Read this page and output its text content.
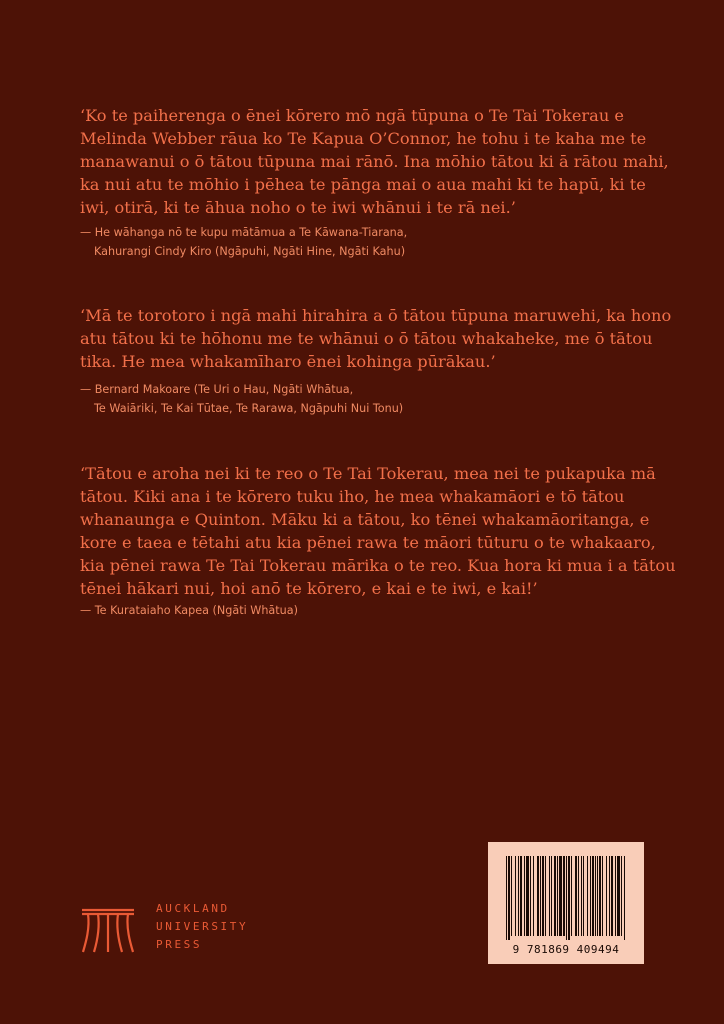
‘Ko te paiherenga o ēnei kōrero mō ngā tūpuna o Te Tai Tokerau e Melinda Webber rāua ko Te Kapua O’Connor, he tohu i te kaha me te manawanui o ō tātou tūpuna mai rānō. Ina mōhio tātou ki ā rātou mahi, ka nui atu te mōhio i pēhea te pānga mai o aua mahi ki te hapū, ki te iwi, otirā, ki te āhua noho o te iwi whānui i te rā nei.’

— He wāhanga nō te kupu mātāmua a Te Kāwana-Tiarana,
Kahurangi Cindy Kiro (Ngāpuhi, Ngāti Hine, Ngāti Kahu)

‘Mā te torotoro i ngā mahi hirahira a ō tātou tūpuna maruwehi, ka hono atu tātou ki te hōhonu me te whānui o ō tātou whakaheke, me ō tātou tika. He mea whakamīharo ēnei kohinga pūrākau.’

— Bernard Makoare (Te Uri o Hau, Ngāti Whātua,
Te Waiāriki, Te Kai Tūtae, Te Rarawa, Ngāpuhi Nui Tonu)

‘Tātou e aroha nei ki te reo o Te Tai Tokerau, mea nei te pukapuka mā tātou. Kiki ana i te kōrero tuku iho, he mea whakamāori e tō tātou whanaunga e Quinton. Māku ki a tātou, ko tēnei whakamāoritanga, e kore e taea e tētahi atu kia pēnei rawa te māori tūturu o te whakaaro, kia pēnei rawa Te Tai Tokerau mārika o te reo. Kua hora ki mua i a tātou tēnei hākari nui, hoi anō te kōrero, e kai e te iwi, e kai!’

— Te Kurataiaho Kapea (Ngāti Whātua)

AUCKLAND
UNIVERSITY
PRESS	9 781869 409494
